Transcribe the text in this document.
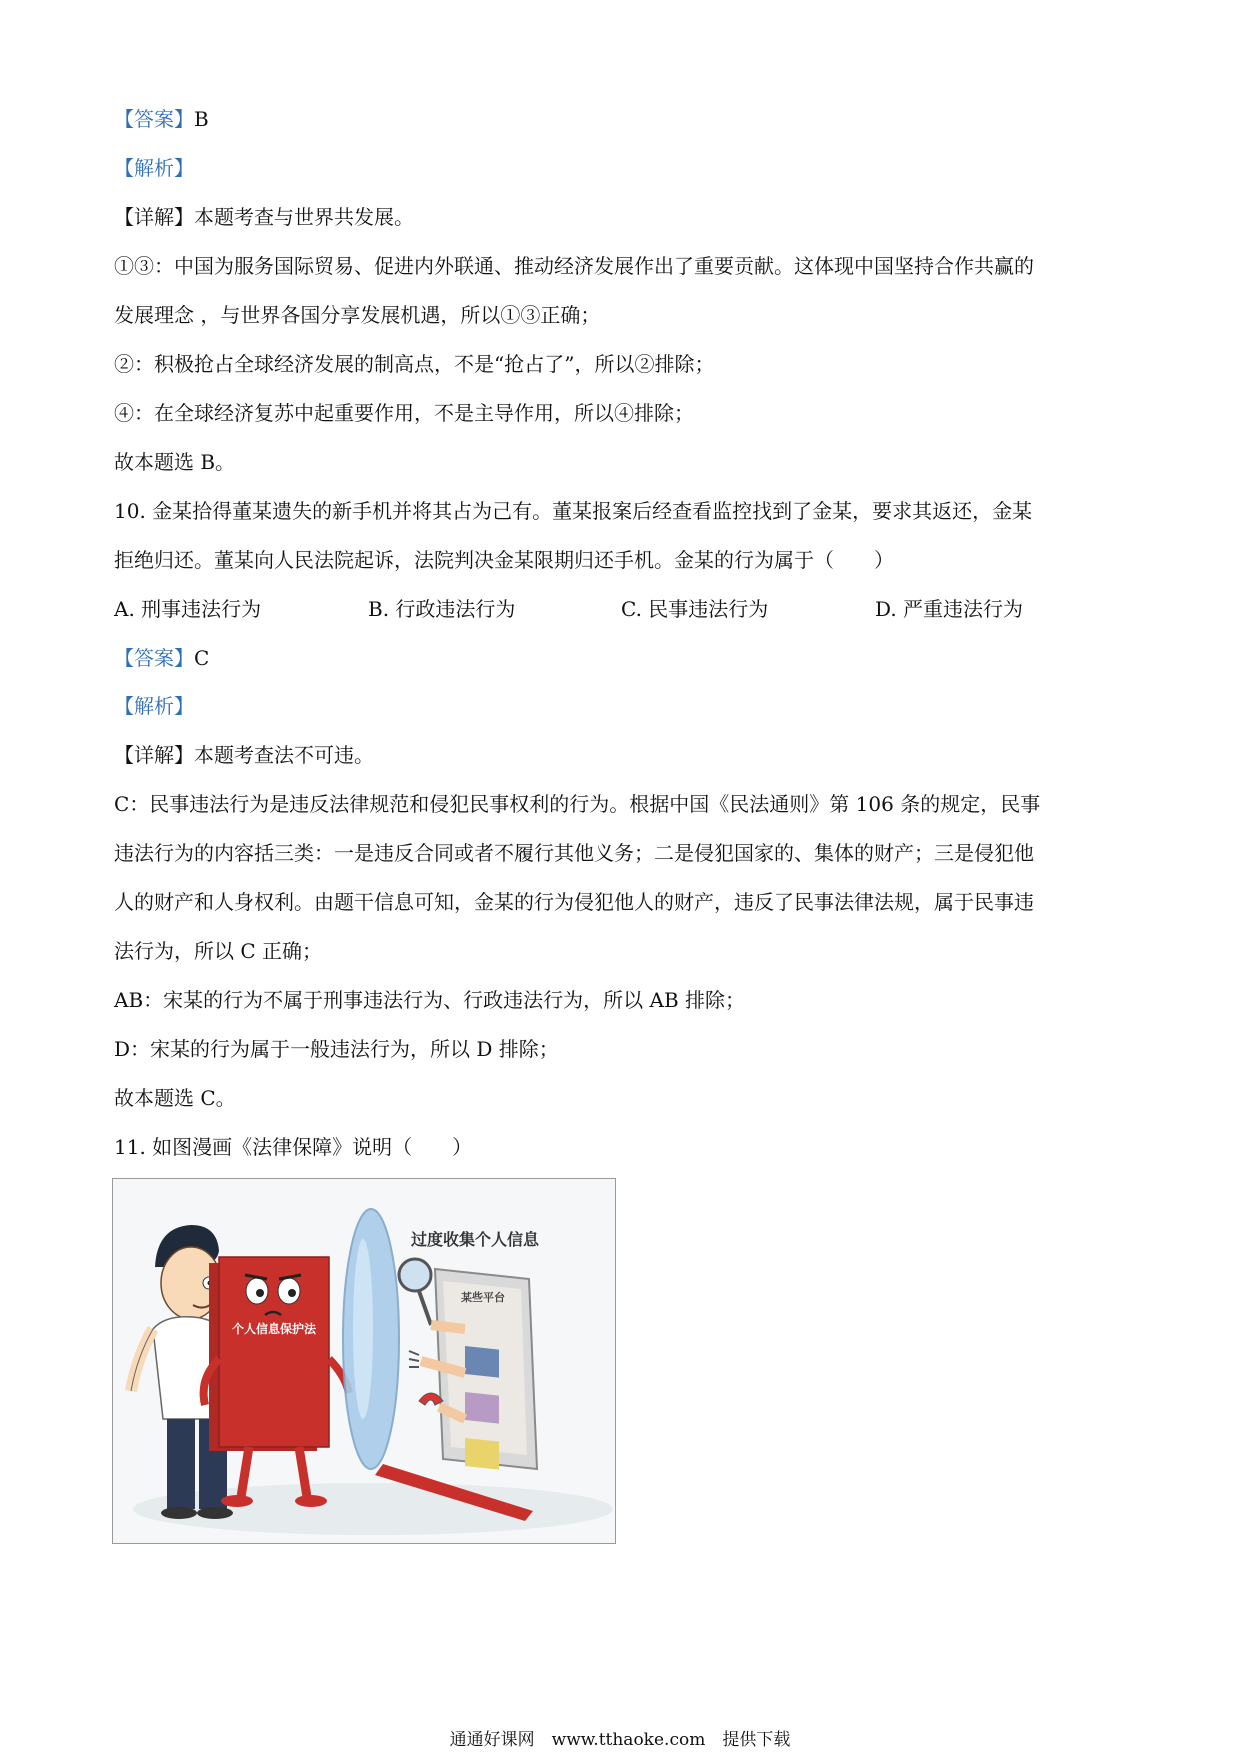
【答案】B
【解析】
【详解】本题考查与世界共发展。
①③：中国为服务国际贸易、促进内外联通、推动经济发展作出了重要贡献。这体现中国坚持合作共赢的
发展理念 ，与世界各国分享发展机遇，所以①③正确；
②：积极抢占全球经济发展的制高点，不是“抢占了”，所以②排除；
④：在全球经济复苏中起重要作用，不是主导作用，所以④排除；
故本题选 B。
10. 金某拾得董某遗失的新手机并将其占为己有。董某报案后经查看监控找到了金某，要求其返还，金某
拒绝归还。董某向人民法院起诉，法院判决金某限期归还手机。金某的行为属于（　　）
A. 刑事违法行为	B. 行政违法行为	C. 民事违法行为	D. 严重违法行为
【答案】C
【解析】
【详解】本题考查法不可违。
C：民事违法行为是违反法律规范和侵犯民事权利的行为。根据中国《民法通则》第 106 条的规定，民事
违法行为的内容括三类：一是违反合同或者不履行其他义务；二是侵犯国家的、集体的财产；三是侵犯他
人的财产和人身权利。由题干信息可知，金某的行为侵犯他人的财产，违反了民事法律法规，属于民事违
法行为，所以 C 正确；
AB：宋某的行为不属于刑事违法行为、行政违法行为，所以 AB 排除；
D：宋某的行为属于一般违法行为，所以 D 排除；
故本题选 C。
11. 如图漫画《法律保障》说明（　　）
个人信息保护法
过度收集个人信息
某些平台
通通好课网　www.tthaoke.com　提供下载
